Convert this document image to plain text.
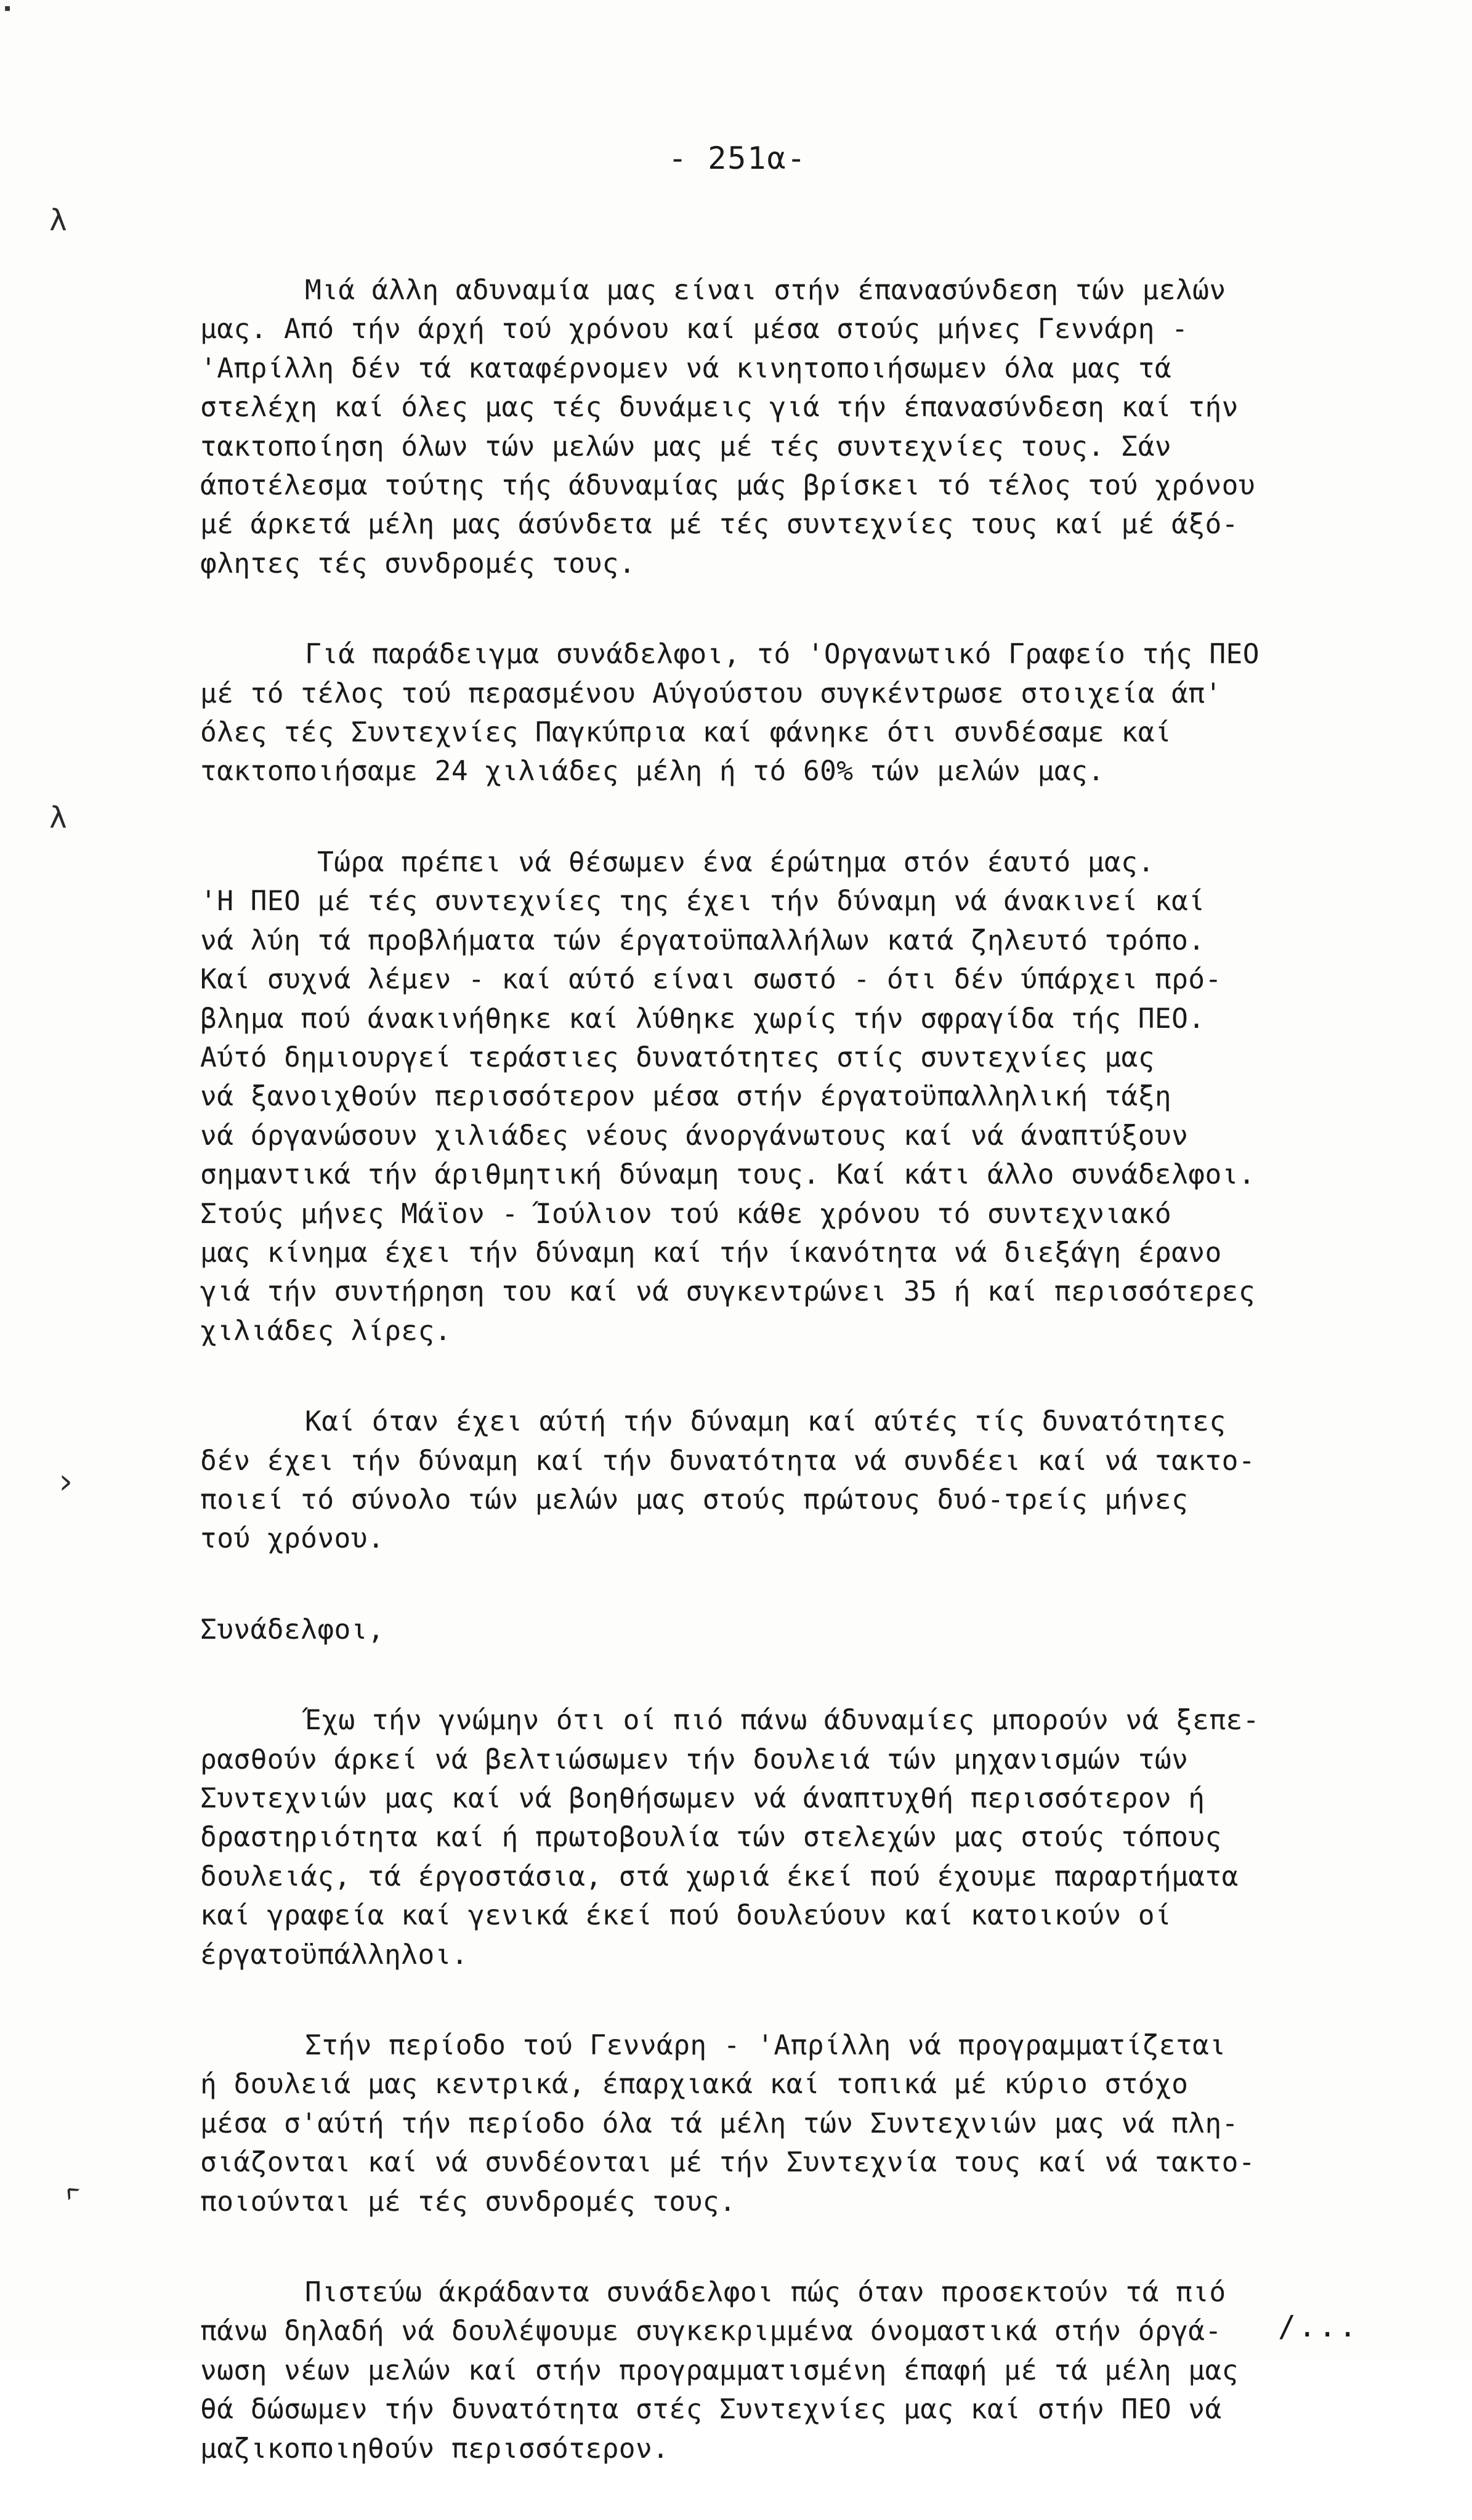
▪
- 251α-
λ
λ
^
^

Μιά άλλη αδυναμία μας είναι στήν έπανασύνδεση τών μελών
μας. Από τήν άρχή τού χρόνου καί μέσα στούς μήνες Γεννάρη -
'Απρίλλη δέν τά καταφέρνομεν νά κινητοποιήσωμεν όλα μας τά
στελέχη καί όλες μας τές δυνάμεις γιά τήν έπανασύνδεση καί τήν
τακτοποίηση όλων τών μελών μας μέ τές συντεχνίες τους. Σάν
άποτέλεσμα τούτης τής άδυναμίας μάς βρίσκει τό τέλος τού χρόνου
μέ άρκετά μέλη μας άσύνδετα μέ τές συντεχνίες τους καί μέ άξό-
φλητες τές συνδρομές τους.

Γιά παράδειγμα συνάδελφοι, τό 'Οργανωτικό Γραφείο τής ΠΕΟ
μέ τό τέλος τού περασμένου Αύγούστου συγκέντρωσε στοιχεία άπ'
όλες τές Συντεχνίες Παγκύπρια καί φάνηκε ότι συνδέσαμε καί
τακτοποιήσαμε 24 χιλιάδες μέλη ή τό 60% τών μελών μας.

Τώρα πρέπει νά θέσωμεν ένα έρώτημα στόν έαυτό μας.
'Η ΠΕΟ μέ τές συντεχνίες της έχει τήν δύναμη νά άνακινεί καί
νά λύη τά προβλήματα τών έργατοϋπαλλήλων κατά ζηλευτό τρόπο.
Καί συχνά λέμεν - καί αύτό είναι σωστό - ότι δέν ύπάρχει πρό-
βλημα πού άνακινήθηκε καί λύθηκε χωρίς τήν σφραγίδα τής ΠΕΟ.
Αύτό δημιουργεί τεράστιες δυνατότητες στίς συντεχνίες μας
νά ξανοιχθούν περισσότερον μέσα στήν έργατοϋπαλληλική τάξη
νά όργανώσουν χιλιάδες νέους άνοργάνωτους καί νά άναπτύξουν
σημαντικά τήν άριθμητική δύναμη τους. Καί κάτι άλλο συνάδελφοι.
Στούς μήνες Μάϊον - Ίούλιον τού κάθε χρόνου τό συντεχνιακό
μας κίνημα έχει τήν δύναμη καί τήν ίκανότητα νά διεξάγη έρανο
γιά τήν συντήρηση του καί νά συγκεντρώνει 35 ή καί περισσότερες
χιλιάδες λίρες.

Καί όταν έχει αύτή τήν δύναμη καί αύτές τίς δυνατότητες
δέν έχει τήν δύναμη καί τήν δυνατότητα νά συνδέει καί νά τακτο-
ποιεί τό σύνολο τών μελών μας στούς πρώτους δυό-τρείς μήνες
τού χρόνου.

Συνάδελφοι,

Έχω τήν γνώμην ότι οί πιό πάνω άδυναμίες μπορούν νά ξεπε-
ρασθούν άρκεί νά βελτιώσωμεν τήν δουλειά τών μηχανισμών τών
Συντεχνιών μας καί νά βοηθήσωμεν νά άναπτυχθή περισσότερον ή
δραστηριότητα καί ή πρωτοβουλία τών στελεχών μας στούς τόπους
δουλειάς, τά έργοστάσια, στά χωριά έκεί πού έχουμε παραρτήματα
καί γραφεία καί γενικά έκεί πού δουλεύουν καί κατοικούν οί
έργατοϋπάλληλοι.

Στήν περίοδο τού Γεννάρη - 'Απρίλλη νά προγραμματίζεται
ή δουλειά μας κεντρικά, έπαρχιακά καί τοπικά μέ κύριο στόχο
μέσα σ'αύτή τήν περίοδο όλα τά μέλη τών Συντεχνιών μας νά πλη-
σιάζονται καί νά συνδέονται μέ τήν Συντεχνία τους καί νά τακτο-
ποιούνται μέ τές συνδρομές τους.

Πιστεύω άκράδαντα συνάδελφοι πώς όταν προσεκτούν τά πιό
πάνω δηλαδή νά δουλέψουμε συγκεκριμμένα όνομαστικά στήν όργά-
νωση νέων μελών καί στήν προγραμματισμένη έπαφή μέ τά μέλη μας
θά δώσωμεν τήν δυνατότητα στές Συντεχνίες μας καί στήν ΠΕΟ νά
μαζικοποιηθούν περισσότερον.

/...
